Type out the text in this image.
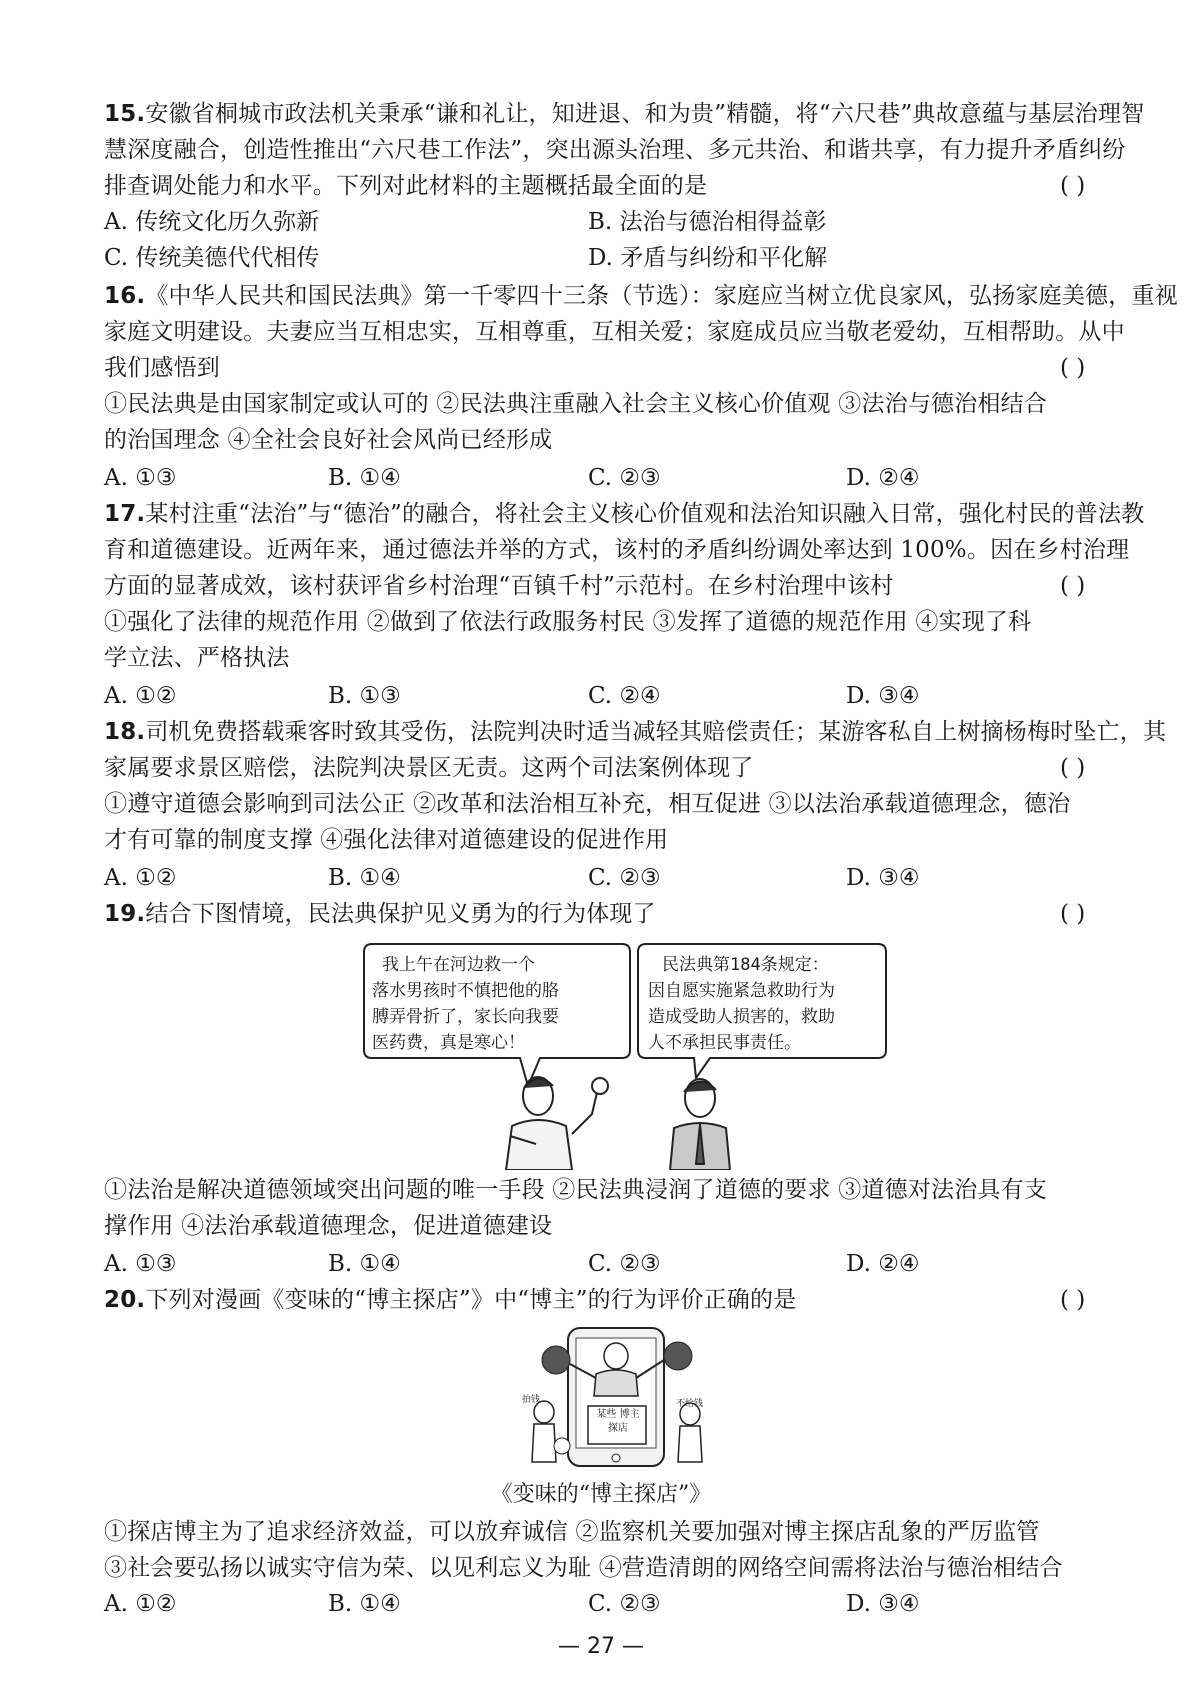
15.安徽省桐城市政法机关秉承“谦和礼让，知进退、和为贵”精髓，将“六尺巷”典故意蕴与基层治理智
慧深度融合，创造性推出“六尺巷工作法”，突出源头治理、多元共治、和谐共享，有力提升矛盾纠纷
排查调处能力和水平。下列对此材料的主题概括最全面的是	( )
A. 传统文化历久弥新	B. 法治与德治相得益彰
C. 传统美德代代相传	D. 矛盾与纠纷和平化解
16.《中华人民共和国民法典》第一千零四十三条（节选）：家庭应当树立优良家风，弘扬家庭美德，重视
家庭文明建设。夫妻应当互相忠实，互相尊重，互相关爱；家庭成员应当敬老爱幼，互相帮助。从中
我们感悟到	( )
①民法典是由国家制定或认可的 ②民法典注重融入社会主义核心价值观 ③法治与德治相结合
的治国理念 ④全社会良好社会风尚已经形成
A. ①③	B. ①④	C. ②③	D. ②④
17.某村注重“法治”与“德治”的融合，将社会主义核心价值观和法治知识融入日常，强化村民的普法教
育和道德建设。近两年来，通过德法并举的方式，该村的矛盾纠纷调处率达到 100%。因在乡村治理
方面的显著成效，该村获评省乡村治理“百镇千村”示范村。在乡村治理中该村	( )
①强化了法律的规范作用 ②做到了依法行政服务村民 ③发挥了道德的规范作用 ④实现了科
学立法、严格执法
A. ①②	B. ①③	C. ②④	D. ③④
18.司机免费搭载乘客时致其受伤，法院判决时适当减轻其赔偿责任；某游客私自上树摘杨梅时坠亡，其
家属要求景区赔偿，法院判决景区无责。这两个司法案例体现了	( )
①遵守道德会影响到司法公正 ②改革和法治相互补充，相互促进 ③以法治承载道德理念，德治
才有可靠的制度支撑 ④强化法律对道德建设的促进作用
A. ①②	B. ①④	C. ②③	D. ③④
19.结合下图情境，民法典保护见义勇为的行为体现了	( )
我上午在河边救一个
落水男孩时不慎把他的胳
膊弄骨折了，家长向我要
医药费，真是寒心！
民法典第184条规定：
因自愿实施紧急救助行为
造成受助人损害的，救助
人不承担民事责任。
①法治是解决道德领域突出问题的唯一手段 ②民法典浸润了道德的要求 ③道德对法治具有支
撑作用 ④法治承载道德理念，促进道德建设
A. ①③	B. ①④	C. ②③	D. ②④
20.下列对漫画《变味的“博主探店”》中“博主”的行为评价正确的是	( )
某些 博主探店
拍钱	不给钱
《变味的“博主探店”》
①探店博主为了追求经济效益，可以放弃诚信 ②监察机关要加强对博主探店乱象的严厉监管
③社会要弘扬以诚实守信为荣、以见利忘义为耻 ④营造清朗的网络空间需将法治与德治相结合
A. ①②	B. ①④	C. ②③	D. ③④
— 27 —
